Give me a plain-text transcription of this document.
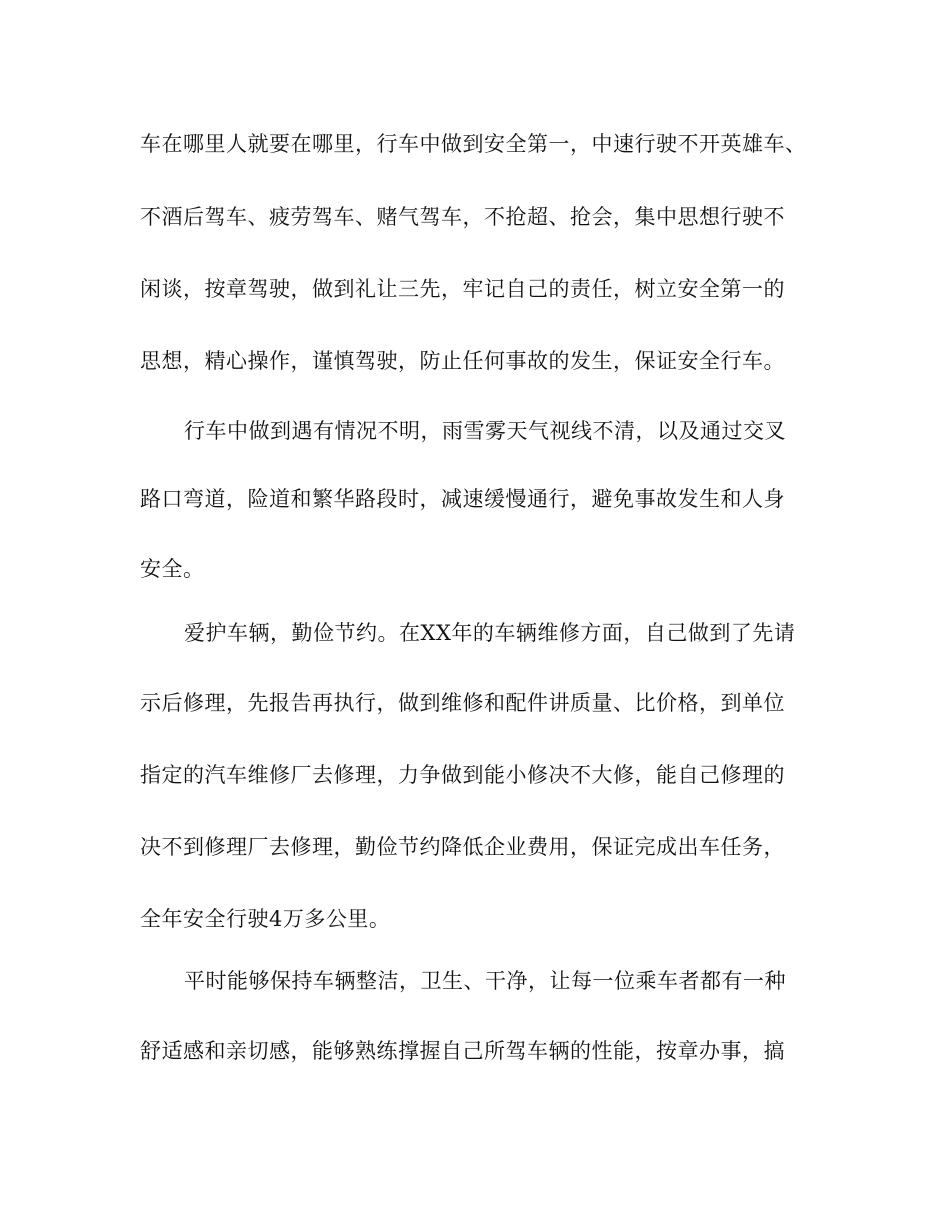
车在哪里人就要在哪里，行车中做到安全第一，中速行驶不开英雄车、
不酒后驾车、疲劳驾车、赌气驾车，不抢超、抢会，集中思想行驶不
闲谈，按章驾驶，做到礼让三先，牢记自己的责任，树立安全第一的
思想，精心操作，谨慎驾驶，防止任何事故的发生，保证安全行车。
行车中做到遇有情况不明，雨雪雾天气视线不清，以及通过交叉
路口弯道，险道和繁华路段时，减速缓慢通行，避免事故发生和人身
安全。
爱护车辆，勤俭节约。在XX年的车辆维修方面，自己做到了先请
示后修理，先报告再执行，做到维修和配件讲质量、比价格，到单位
指定的汽车维修厂去修理，力争做到能小修决不大修，能自己修理的
决不到修理厂去修理，勤俭节约降低企业费用，保证完成出车任务，
全年安全行驶4万多公里。
平时能够保持车辆整洁，卫生、干净，让每一位乘车者都有一种
舒适感和亲切感，能够熟练撑握自己所驾车辆的性能，按章办事，搞
